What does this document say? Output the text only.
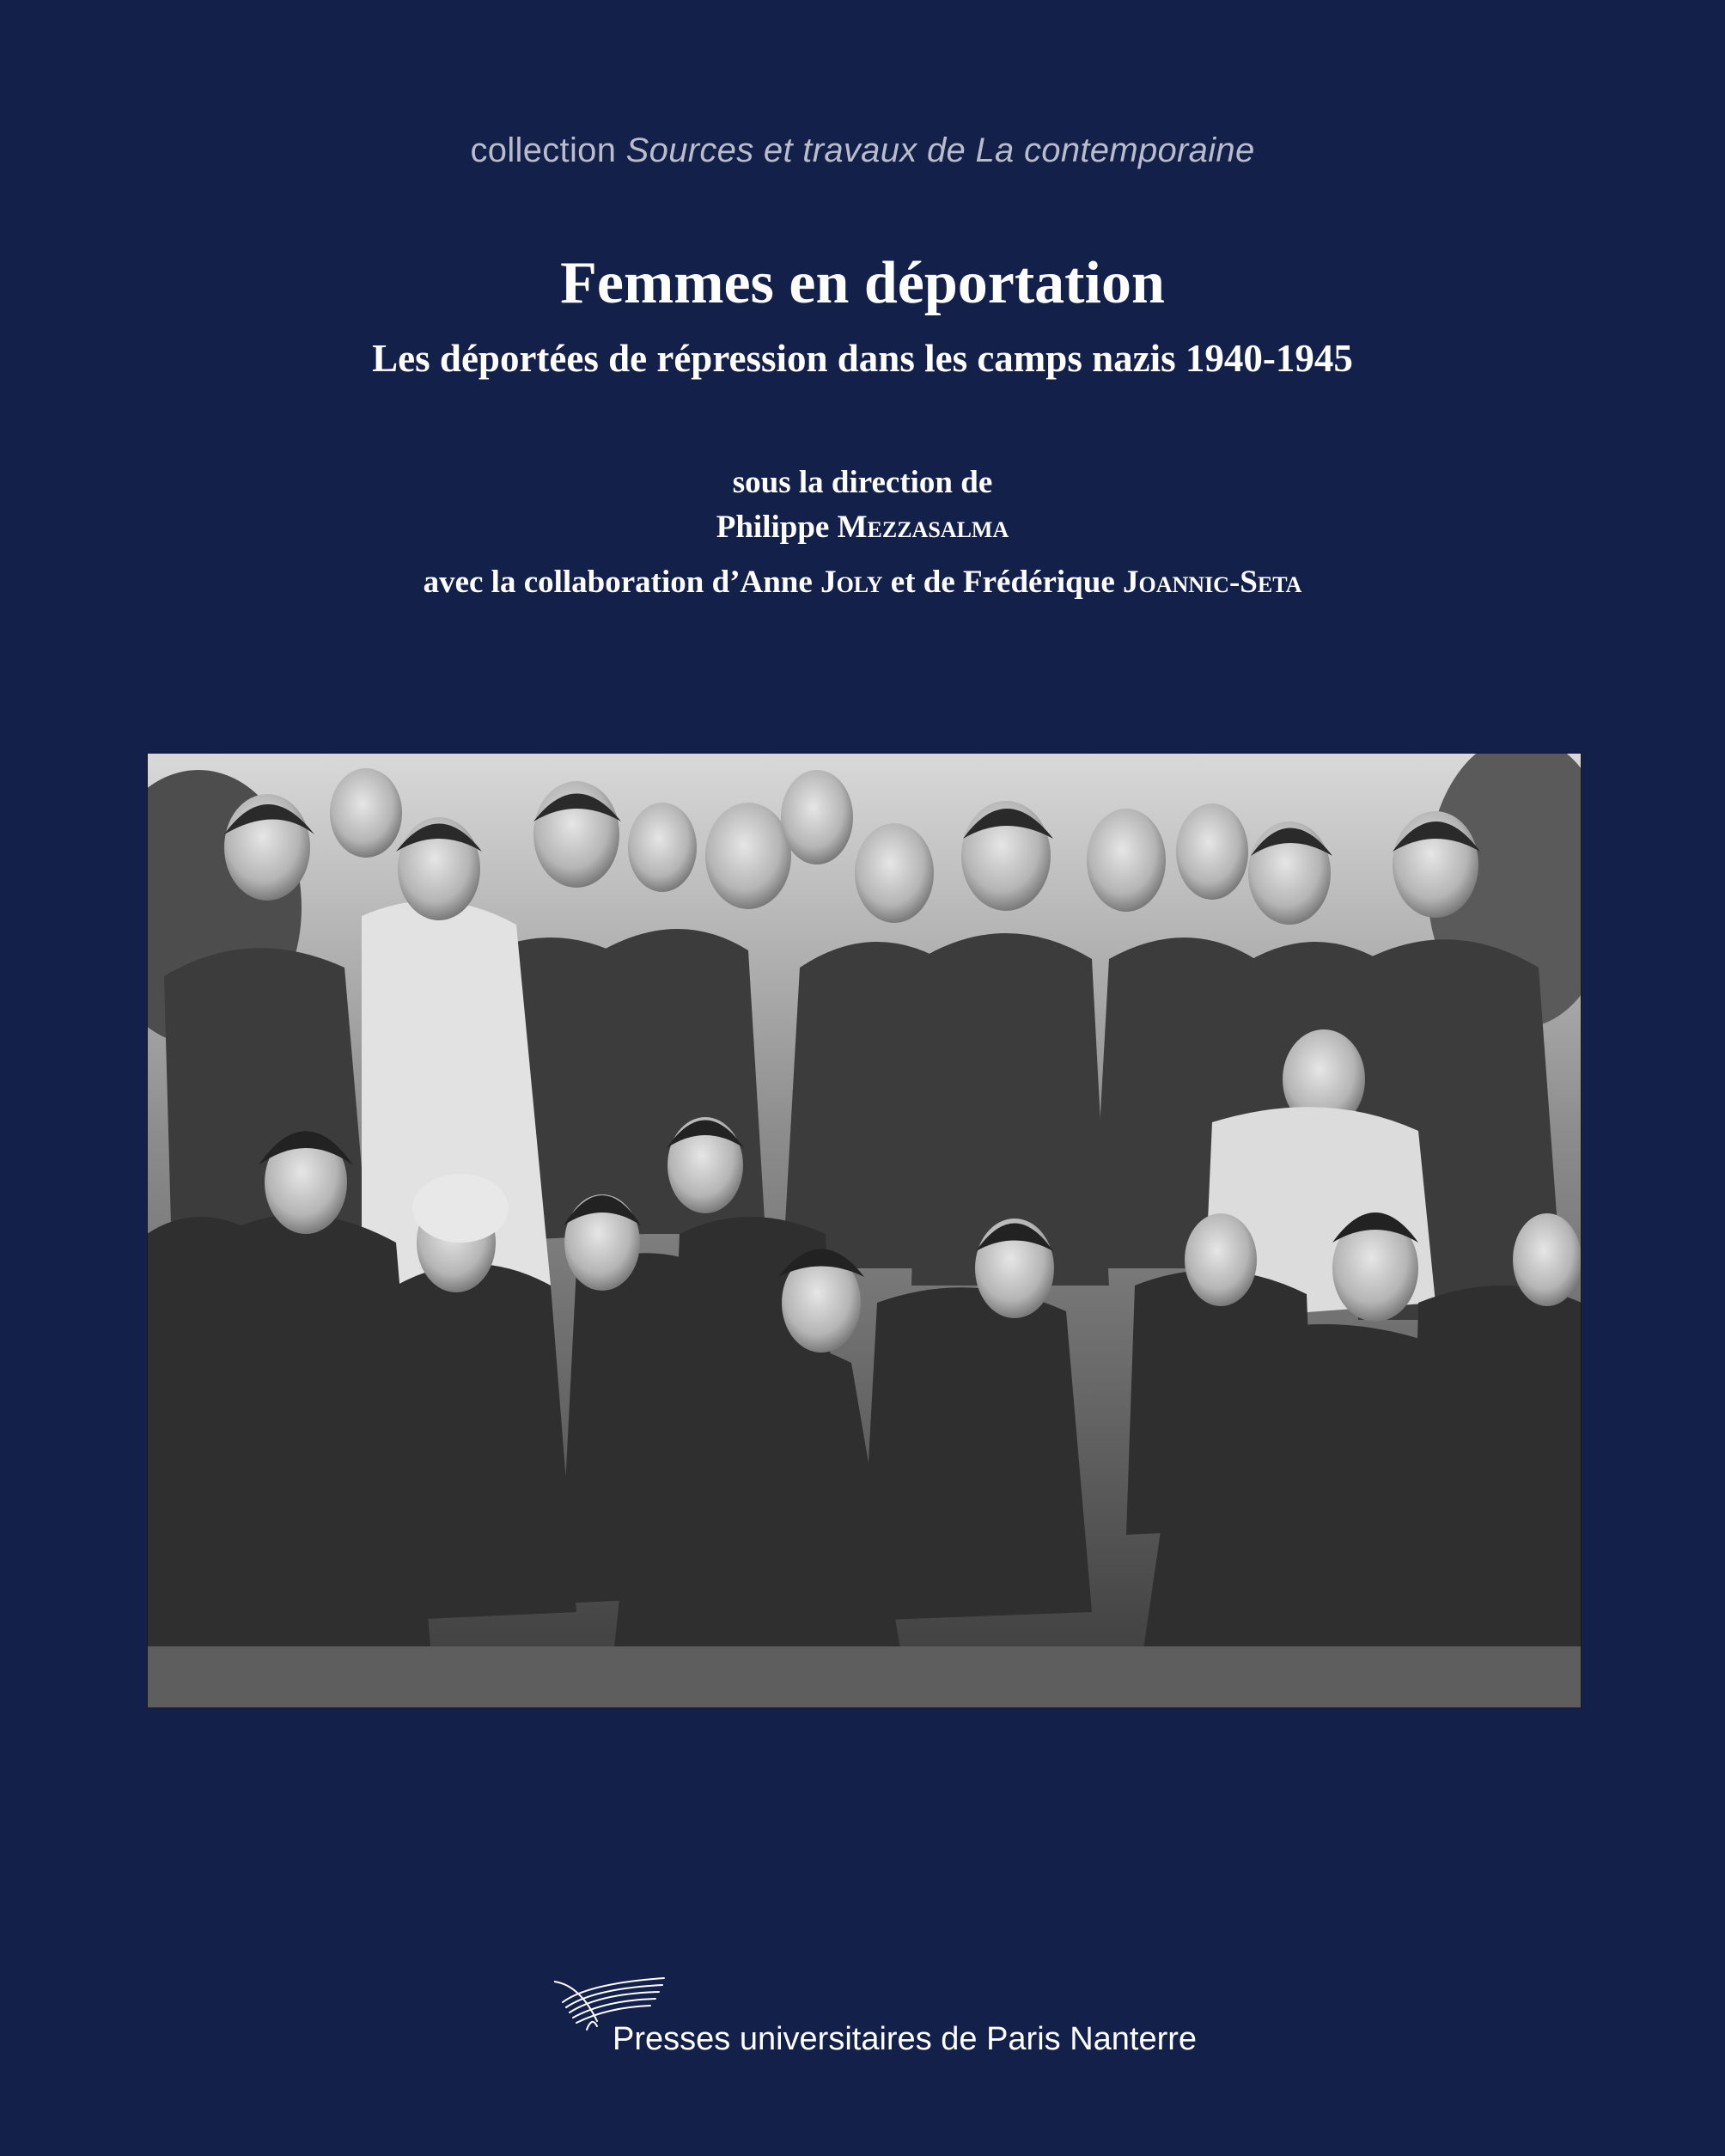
collection Sources et travaux de La contemporaine
Femmes en déportation
Les déportées de répression dans les camps nazis 1940-1945
sous la direction de
Philippe Mezzasalma
avec la collaboration d’Anne Joly et de Frédérique Joannic-Seta
Presses universitaires de Paris Nanterre
